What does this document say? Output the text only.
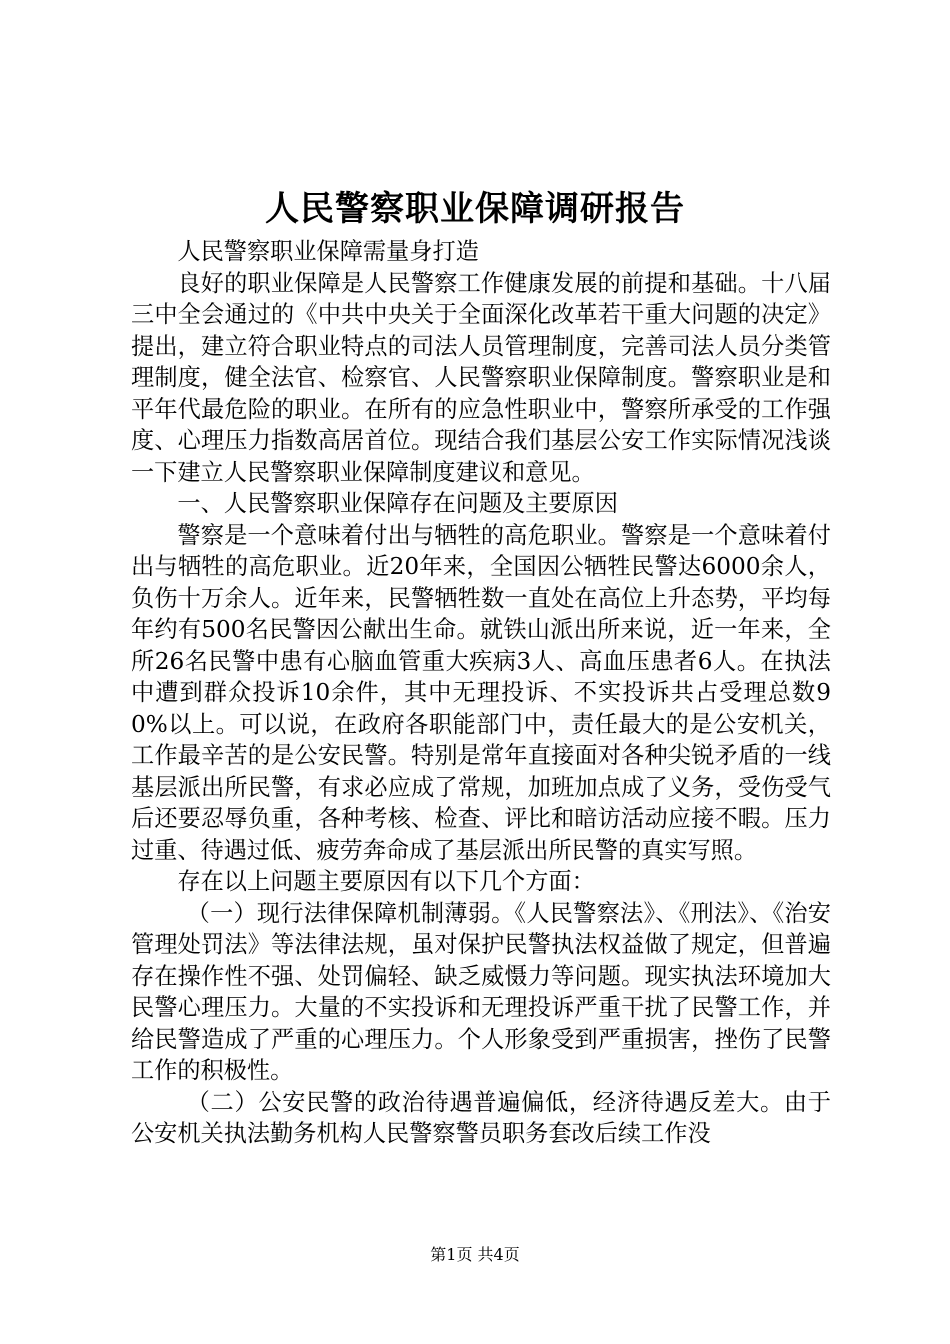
人民警察职业保障调研报告

人民警察职业保障需量身打造

良好的职业保障是人民警察工作健康发展的前提和基础。十八届三中全会通过的《中共中央关于全面深化改革若干重大问题的决定》提出，建立符合职业特点的司法人员管理制度，完善司法人员分类管理制度，健全法官、检察官、人民警察职业保障制度。警察职业是和平年代最危险的职业。在所有的应急性职业中，警察所承受的工作强度、心理压力指数高居首位。现结合我们基层公安工作实际情况浅谈一下建立人民警察职业保障制度建议和意见。

一、人民警察职业保障存在问题及主要原因

警察是一个意味着付出与牺牲的高危职业。警察是一个意味着付出与牺牲的高危职业。近20年来，全国因公牺牲民警达6000余人，负伤十万余人。近年来，民警牺牲数一直处在高位上升态势，平均每年约有500名民警因公献出生命。就铁山派出所来说，近一年来，全所26名民警中患有心脑血管重大疾病3人、高血压患者6人。在执法中遭到群众投诉10余件，其中无理投诉、不实投诉共占受理总数90%以上。可以说，在政府各职能部门中，责任最大的是公安机关，工作最辛苦的是公安民警。特别是常年直接面对各种尖锐矛盾的一线基层派出所民警，有求必应成了常规，加班加点成了义务，受伤受气后还要忍辱负重，各种考核、检查、评比和暗访活动应接不暇。压力过重、待遇过低、疲劳奔命成了基层派出所民警的真实写照。

存在以上问题主要原因有以下几个方面：

（一）现行法律保障机制薄弱。《人民警察法》、《刑法》、《治安管理处罚法》等法律法规，虽对保护民警执法权益做了规定，但普遍存在操作性不强、处罚偏轻、缺乏威慑力等问题。现实执法环境加大民警心理压力。大量的不实投诉和无理投诉严重干扰了民警工作，并给民警造成了严重的心理压力。个人形象受到严重损害，挫伤了民警工作的积极性。

（二）公安民警的政治待遇普遍偏低，经济待遇反差大。由于公安机关执法勤务机构人民警察警员职务套改后续工作没

第1页 共4页
